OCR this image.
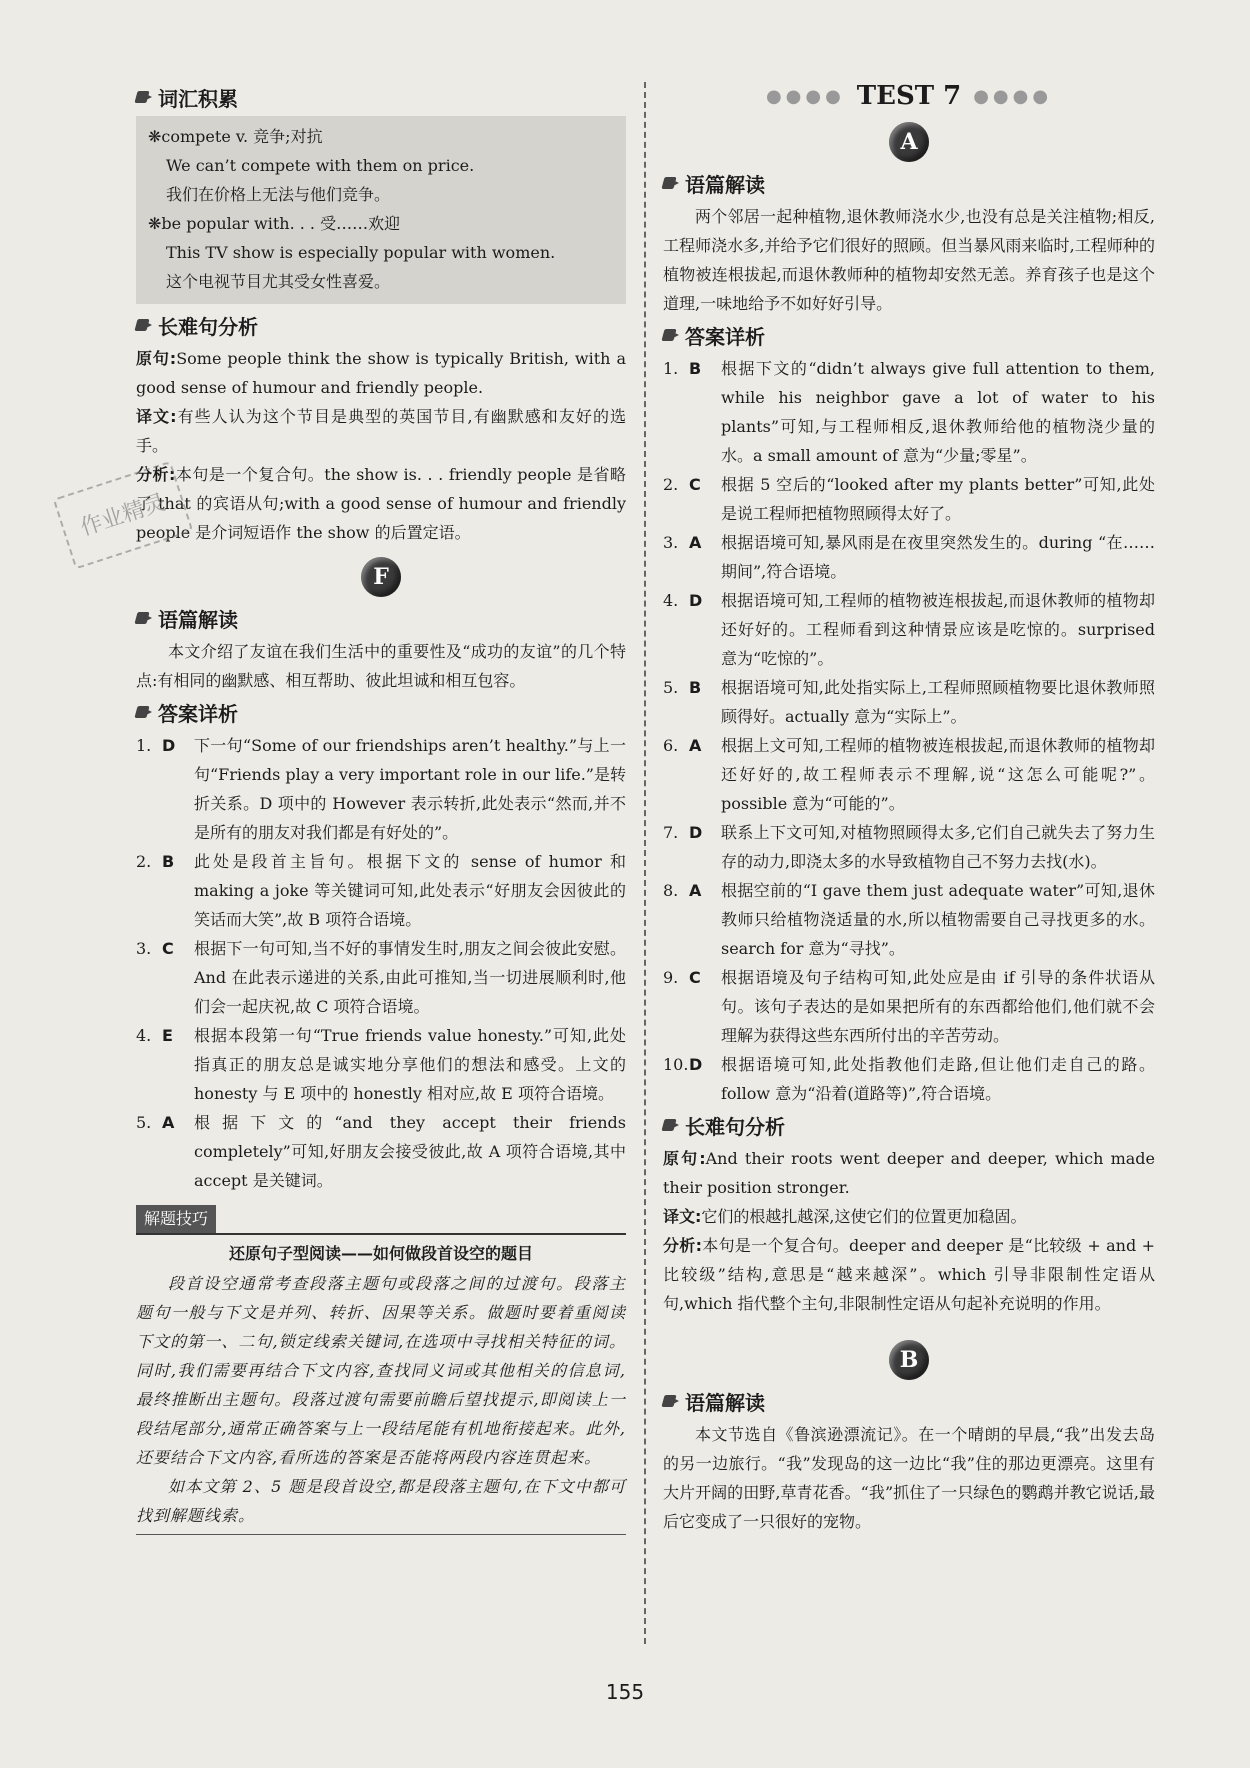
词汇积累
❋compete v. 竞争;对抗
We can’t compete with them on price.
我们在价格上无法与他们竞争。
❋be popular with. . . 受……欢迎
This TV show is especially popular with women.
这个电视节目尤其受女性喜爱。
长难句分析

原句:Some people think the show is typically British, with a good sense of humour and friendly people.

译文:有些人认为这个节目是典型的英国节目,有幽默感和友好的选手。

分析:本句是一个复合句。the show is. . . friendly people 是省略了 that 的宾语从句;with a good sense of humour and friendly people 是介词短语作 the show 的后置定语。

F
语篇解读

本文介绍了友谊在我们生活中的重要性及“成功的友谊”的几个特点:有相同的幽默感、相互帮助、彼此坦诚和相互包容。

答案详析
1. D	下一句“Some of our friendships aren’t healthy.”与上一句“Friends play a very important role in our life.”是转折关系。D 项中的 However 表示转折,此处表示“然而,并不是所有的朋友对我们都是有好处的”。
2. B	此处是段首主旨句。根据下文的 sense of humor 和 making a joke 等关键词可知,此处表示“好朋友会因彼此的笑话而大笑”,故 B 项符合语境。
3. C	根据下一句可知,当不好的事情发生时,朋友之间会彼此安慰。And 在此表示递进的关系,由此可推知,当一切进展顺利时,他们会一起庆祝,故 C 项符合语境。
4. E	根据本段第一句“True friends value honesty.”可知,此处指真正的朋友总是诚实地分享他们的想法和感受。上文的 honesty 与 E 项中的 honestly 相对应,故 E 项符合语境。
5. A	根据下文的“and they accept their friends completely”可知,好朋友会接受彼此,故 A 项符合语境,其中 accept 是关键词。
解题技巧
还原句子型阅读——如何做段首设空的题目

段首设空通常考查段落主题句或段落之间的过渡句。段落主题句一般与下文是并列、转折、因果等关系。做题时要着重阅读下文的第一、二句,锁定线索关键词,在选项中寻找相关特征的词。同时,我们需要再结合下文内容,查找同义词或其他相关的信息词,最终推断出主题句。段落过渡句需要前瞻后望找提示,即阅读上一段结尾部分,通常正确答案与上一段结尾能有机地衔接起来。此外,还要结合下文内容,看所选的答案是否能将两段内容连贯起来。

如本文第 2、5 题是段首设空,都是段落主题句,在下文中都可找到解题线索。

●●●● TEST 7 ●●●●
A
语篇解读

两个邻居一起种植物,退休教师浇水少,也没有总是关注植物;相反,工程师浇水多,并给予它们很好的照顾。但当暴风雨来临时,工程师种的植物被连根拔起,而退休教师种的植物却安然无恙。养育孩子也是这个道理,一味地给予不如好好引导。

答案详析
1. B	根据下文的“didn’t always give full attention to them, while his neighbor gave a lot of water to his plants”可知,与工程师相反,退休教师给他的植物浇少量的水。a small amount of 意为“少量;零星”。
2. C	根据 5 空后的“looked after my plants better”可知,此处是说工程师把植物照顾得太好了。
3. A	根据语境可知,暴风雨是在夜里突然发生的。during “在……期间”,符合语境。
4. D	根据语境可知,工程师的植物被连根拔起,而退休教师的植物却还好好的。工程师看到这种情景应该是吃惊的。surprised 意为“吃惊的”。
5. B	根据语境可知,此处指实际上,工程师照顾植物要比退休教师照顾得好。actually 意为“实际上”。
6. A	根据上文可知,工程师的植物被连根拔起,而退休教师的植物却还好好的,故工程师表示不理解,说“这怎么可能呢?”。possible 意为“可能的”。
7. D	联系上下文可知,对植物照顾得太多,它们自己就失去了努力生存的动力,即浇太多的水导致植物自己不努力去找(水)。
8. A	根据空前的“I gave them just adequate water”可知,退休教师只给植物浇适量的水,所以植物需要自己寻找更多的水。search for 意为“寻找”。
9. C	根据语境及句子结构可知,此处应是由 if 引导的条件状语从句。该句子表达的是如果把所有的东西都给他们,他们就不会理解为获得这些东西所付出的辛苦劳动。
10. D	根据语境可知,此处指教他们走路,但让他们走自己的路。follow 意为“沿着(道路等)”,符合语境。
长难句分析

原句:And their roots went deeper and deeper, which made their position stronger.

译文:它们的根越扎越深,这使它们的位置更加稳固。

分析:本句是一个复合句。deeper and deeper 是“比较级 + and + 比较级”结构,意思是“越来越深”。which 引导非限制性定语从句,which 指代整个主句,非限制性定语从句起补充说明的作用。

B
语篇解读

本文节选自《鲁滨逊漂流记》。在一个晴朗的早晨,“我”出发去岛的另一边旅行。“我”发现岛的这一边比“我”住的那边更漂亮。这里有大片开阔的田野,草青花香。“我”抓住了一只绿色的鹦鹉并教它说话,最后它变成了一只很好的宠物。

作业精灵
155
